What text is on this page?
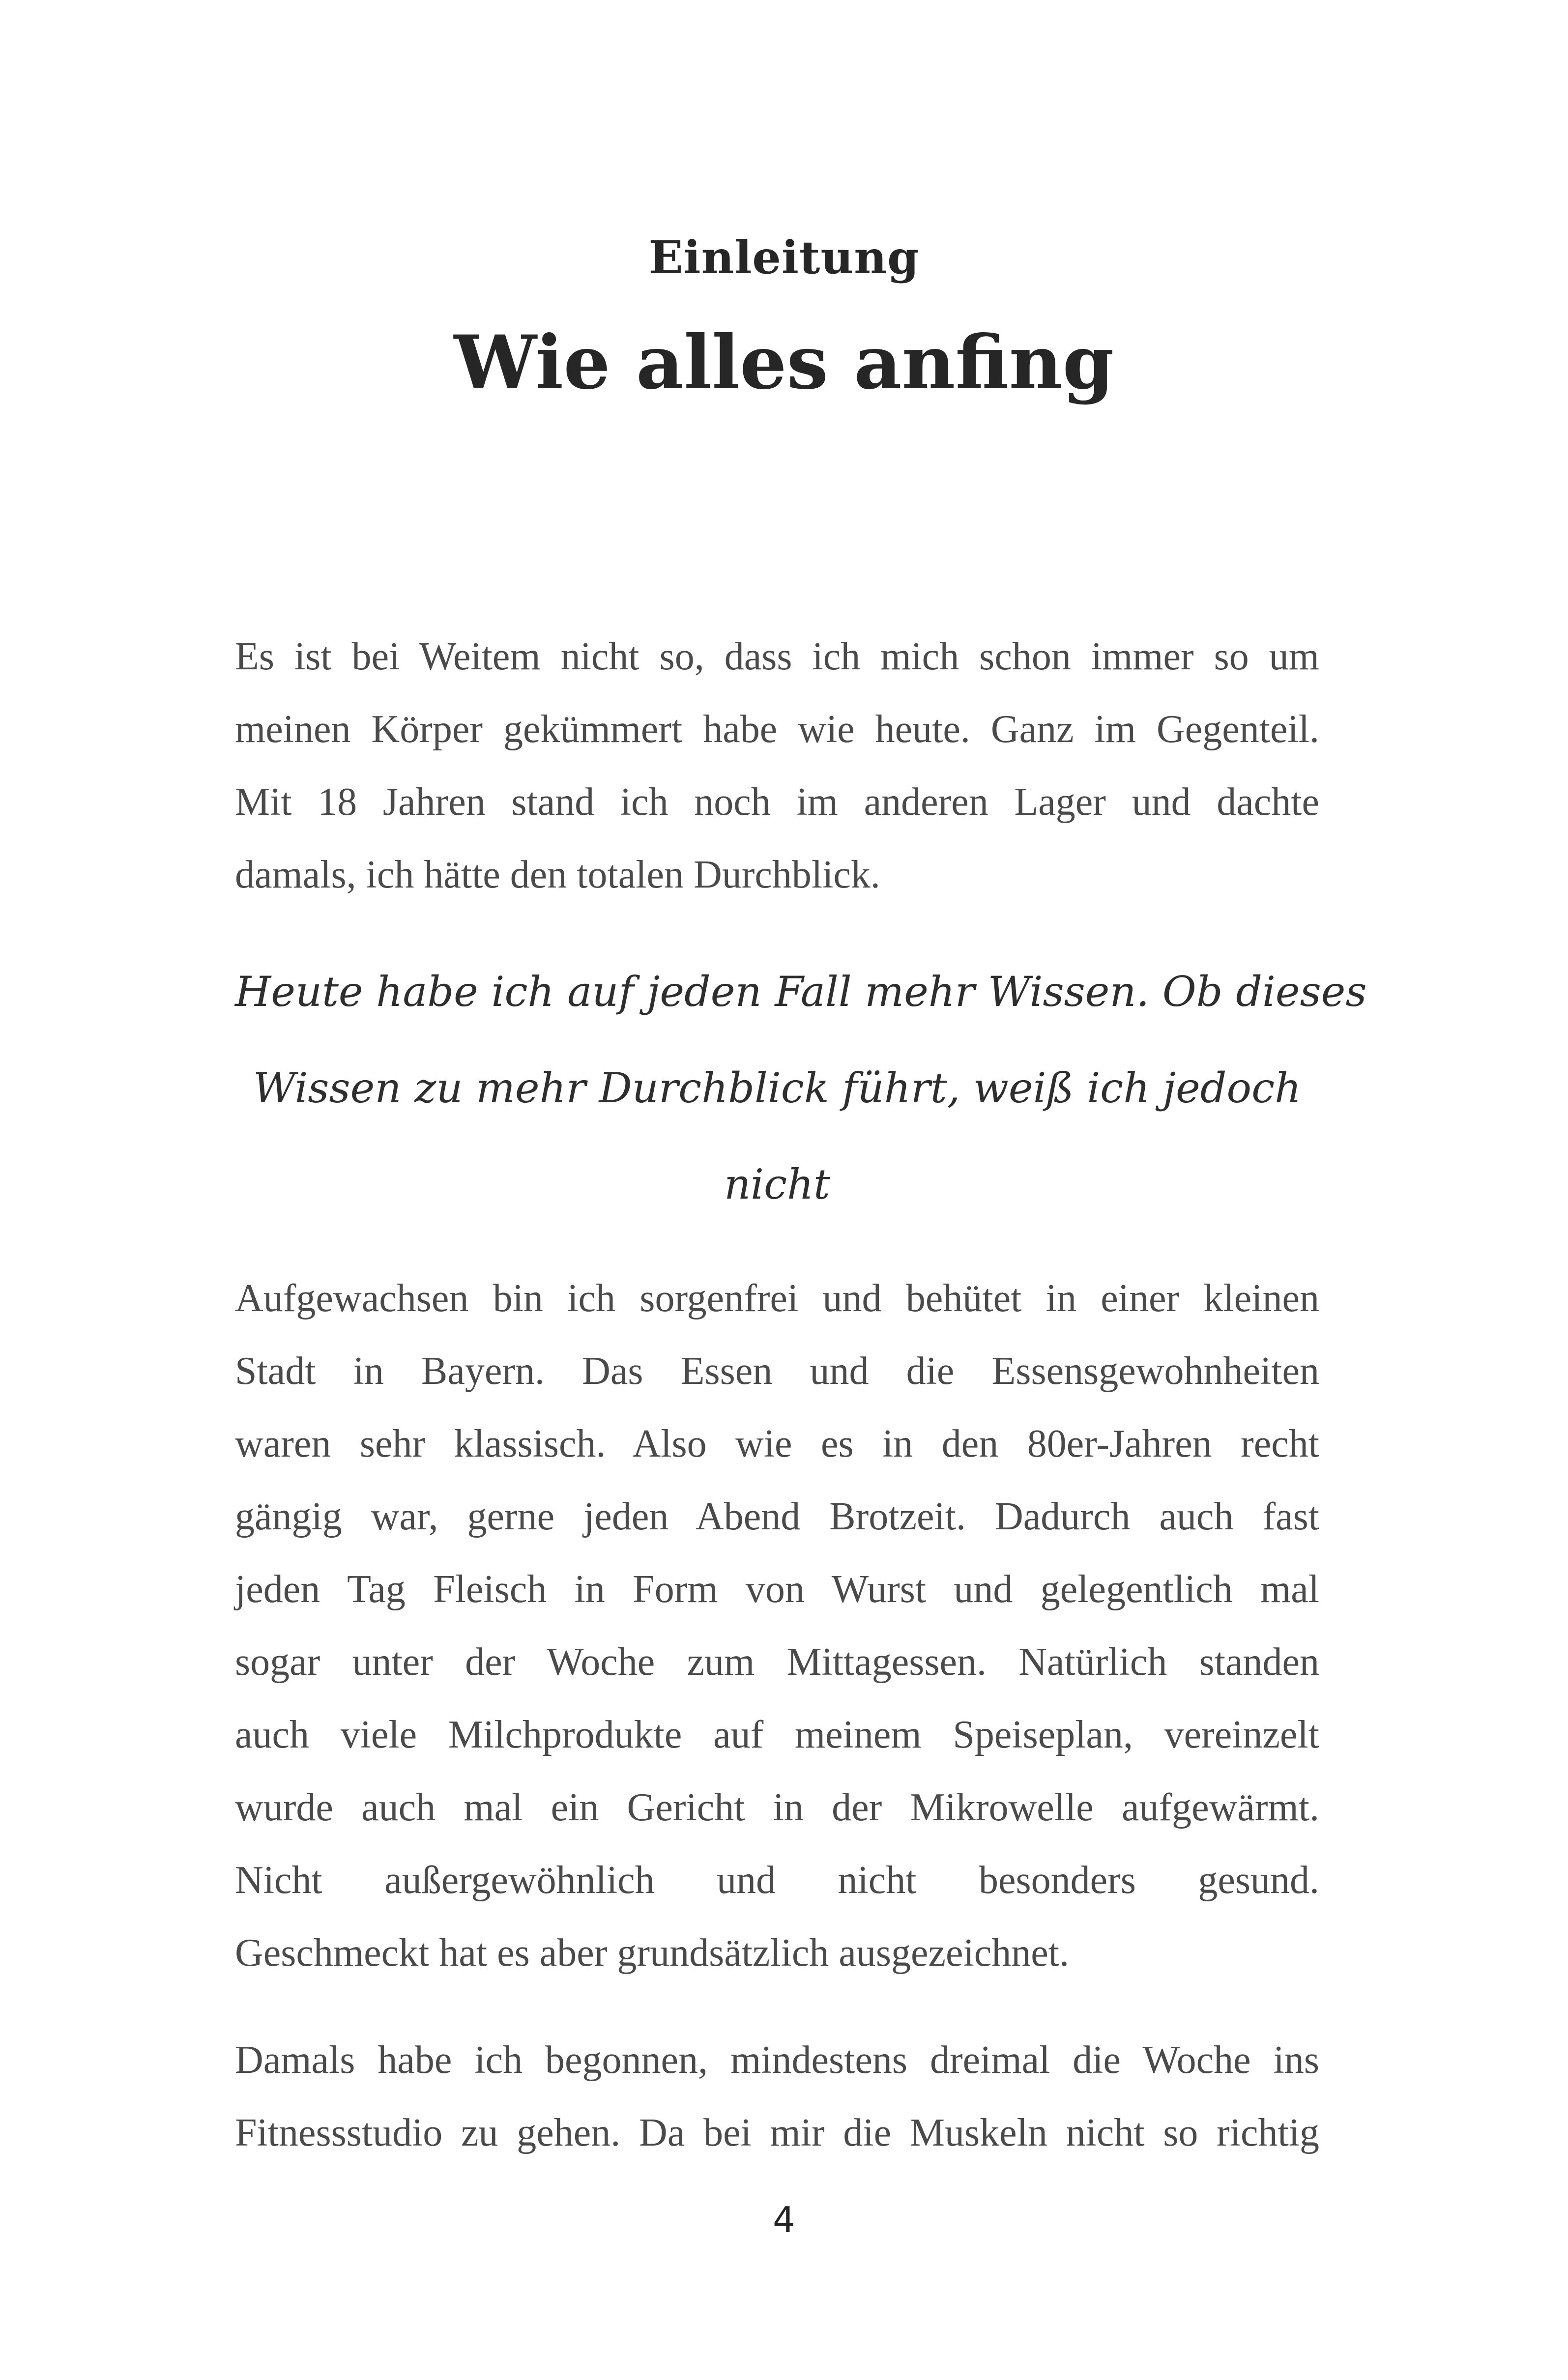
Einleitung
Wie alles anfing

Es ist bei Weitem nicht so, dass ich mich schon immer so um
meinen Körper gekümmert habe wie heute. Ganz im Gegenteil.
Mit 18 Jahren stand ich noch im anderen Lager und dachte
damals, ich hätte den totalen Durchblick.

Heute habe ich auf jeden Fall mehr Wissen. Ob dieses
Wissen zu mehr Durchblick führt, weiß ich jedoch
nicht

Aufgewachsen bin ich sorgenfrei und behütet in einer kleinen
Stadt in Bayern. Das Essen und die Essensgewohnheiten
waren sehr klassisch. Also wie es in den 80er-Jahren recht
gängig war, gerne jeden Abend Brotzeit. Dadurch auch fast
jeden Tag Fleisch in Form von Wurst und gelegentlich mal
sogar unter der Woche zum Mittagessen. Natürlich standen
auch viele Milchprodukte auf meinem Speiseplan, vereinzelt
wurde auch mal ein Gericht in der Mikrowelle aufgewärmt.
Nicht außergewöhnlich und nicht besonders gesund.
Geschmeckt hat es aber grundsätzlich ausgezeichnet.

Damals habe ich begonnen, mindestens dreimal die Woche ins
Fitnessstudio zu gehen. Da bei mir die Muskeln nicht so richtig

4
